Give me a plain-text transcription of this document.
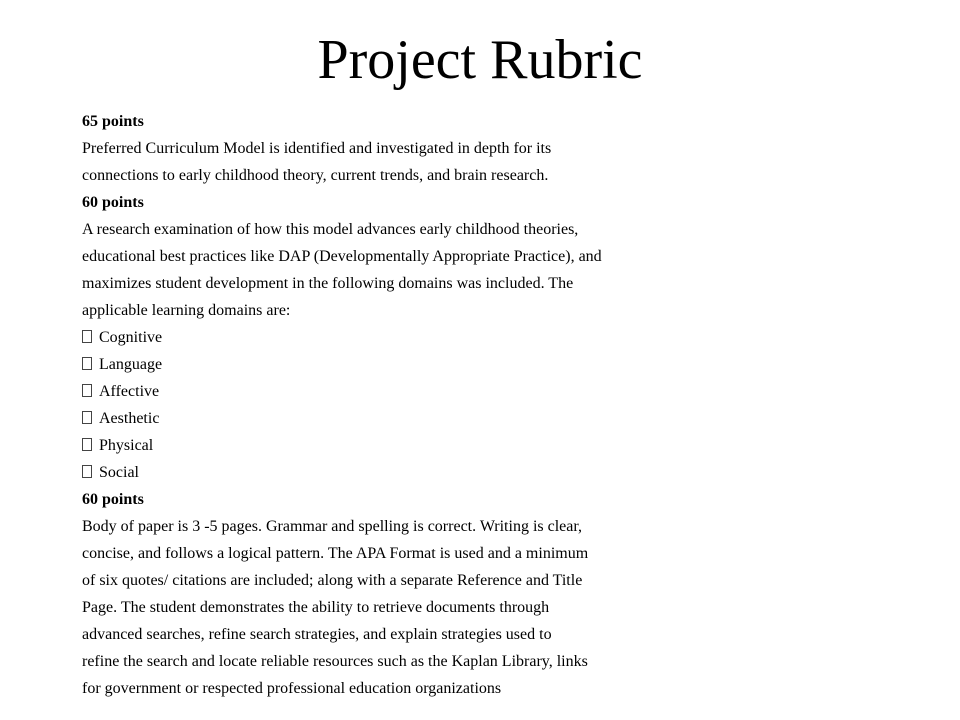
Project Rubric
65 points
Preferred Curriculum Model is identified and investigated in depth for its
connections to early childhood theory, current trends, and brain research.
60 points
A research examination of how this model advances early childhood theories,
educational best practices like DAP (Developmentally Appropriate Practice), and
maximizes student development in the following domains was included. The
applicable learning domains are:
Cognitive
Language
Affective
Aesthetic
Physical
Social
60 points
Body of paper is 3 -5 pages. Grammar and spelling is correct. Writing is clear,
concise, and follows a logical pattern. The APA Format is used and a minimum
of six quotes/ citations are included; along with a separate Reference and Title
Page. The student demonstrates the ability to retrieve documents through
advanced searches, refine search strategies, and explain strategies used to
refine the search and locate reliable resources such as the Kaplan Library, links
for government or respected professional education organizations
